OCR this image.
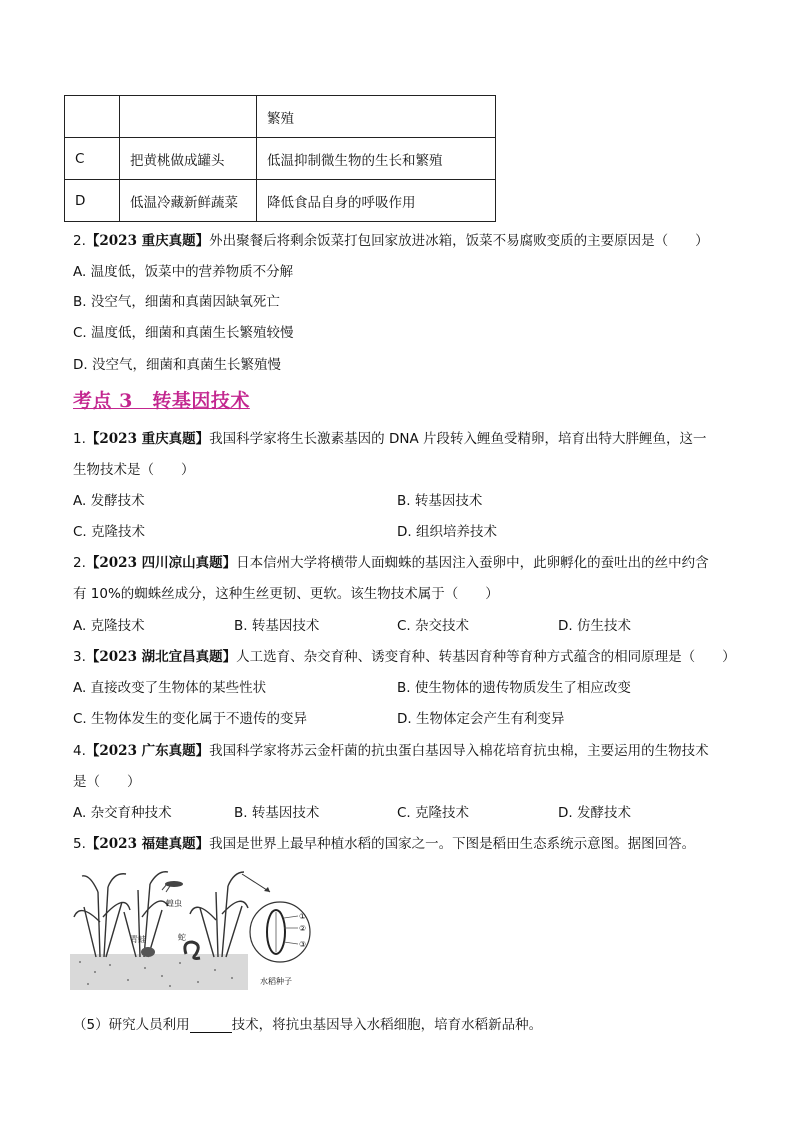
		繁殖
C	把黄桃做成罐头	低温抑制微生物的生长和繁殖
D	低温冷藏新鲜蔬菜	降低食品自身的呼吸作用
2.【2023 重庆真题】外出聚餐后将剩余饭菜打包回家放进冰箱，饭菜不易腐败变质的主要原因是（　　）
A. 温度低，饭菜中的营养物质不分解
B. 没空气，细菌和真菌因缺氧死亡
C. 温度低，细菌和真菌生长繁殖较慢
D. 没空气，细菌和真菌生长繁殖慢
考点 3　转基因技术
1.【2023 重庆真题】我国科学家将生长激素基因的 DNA 片段转入鲤鱼受精卵，培育出特大胖鲤鱼，这一
生物技术是（　　）
A. 发酵技术	B. 转基因技术
C. 克隆技术	D. 组织培养技术
2.【2023 四川凉山真题】日本信州大学将横带人面蜘蛛的基因注入蚕卵中，此卵孵化的蚕吐出的丝中约含
有 10%的蜘蛛丝成分，这种生丝更韧、更软。该生物技术属于（　　）
A. 克隆技术	B. 转基因技术	C. 杂交技术	D. 仿生技术
3.【2023 湖北宜昌真题】人工选育、杂交育种、诱变育种、转基因育种等育种方式蕴含的相同原理是（　　）
A. 直接改变了生物体的某些性状	B. 使生物体的遗传物质发生了相应改变
C. 生物体发生的变化属于不遗传的变异	D. 生物体定会产生有利变异
4.【2023 广东真题】我国科学家将苏云金杆菌的抗虫蛋白基因导入棉花培育抗虫棉，主要运用的生物技术
是（　　）
A. 杂交育种技术	B. 转基因技术	C. 克隆技术	D. 发酵技术
5.【2023 福建真题】我国是世界上最早种植水稻的国家之一。下图是稻田生态系统示意图。据图回答。
蝗虫
青蛙	蛇
①
②
③
水稻种子
（5）研究人员利用	技术，将抗虫基因导入水稻细胞，培育水稻新品种。
